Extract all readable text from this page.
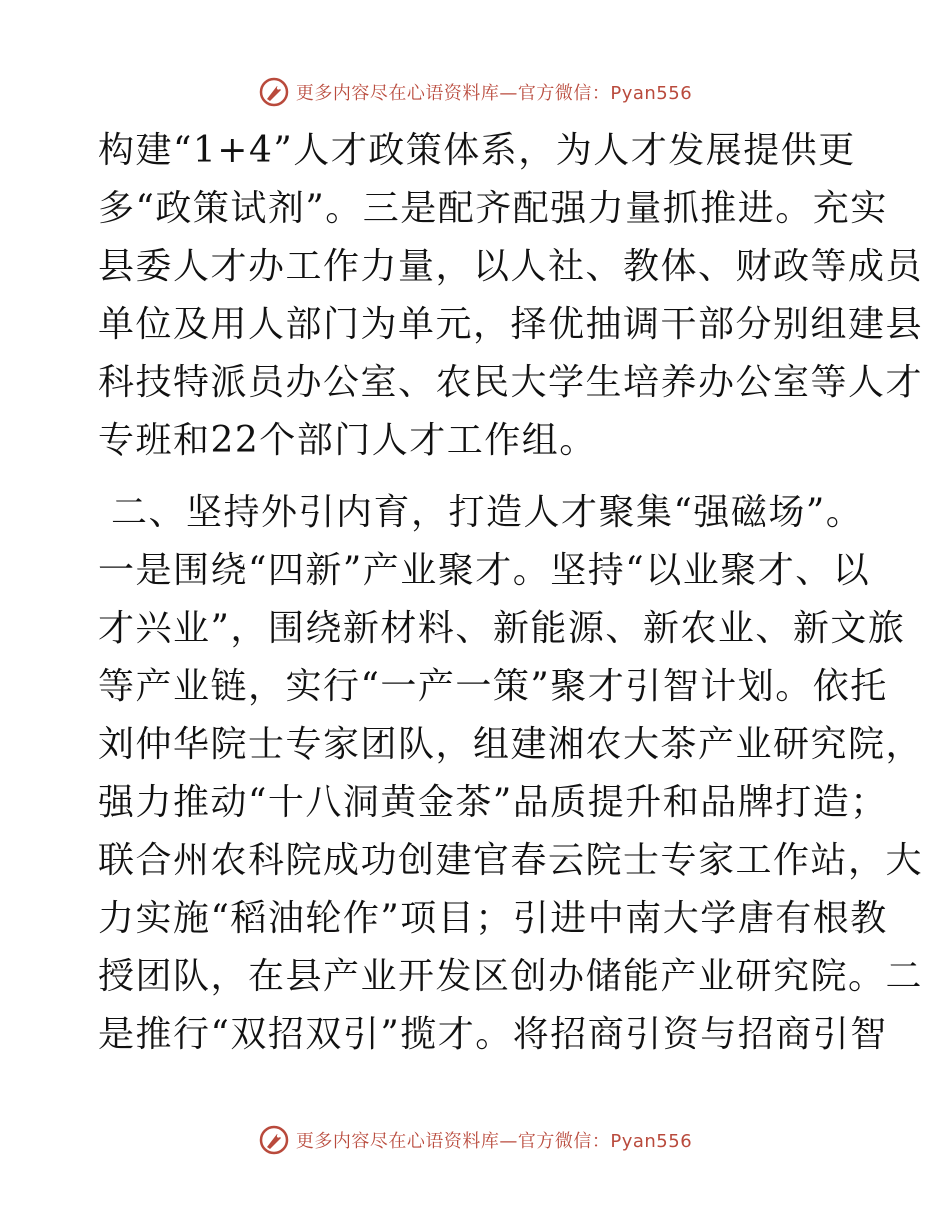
更多内容尽在心语资料库—官方微信：Pyan556
构建“1+4”人才政策体系，为人才发展提供更
多“政策试剂”。三是配齐配强力量抓推进。充实
县委人才办工作力量，以人社、教体、财政等成员
单位及用人部门为单元，择优抽调干部分别组建县
科技特派员办公室、农民大学生培养办公室等人才
专班和22个部门人才工作组。
二、坚持外引内育，打造人才聚集“强磁场”。
一是围绕“四新”产业聚才。坚持“以业聚才、以
才兴业”，围绕新材料、新能源、新农业、新文旅
等产业链，实行“一产一策”聚才引智计划。依托
刘仲华院士专家团队，组建湘农大茶产业研究院，
强力推动“十八洞黄金茶”品质提升和品牌打造；
联合州农科院成功创建官春云院士专家工作站，大
力实施“稻油轮作”项目；引进中南大学唐有根教
授团队，在县产业开发区创办储能产业研究院。二
是推行“双招双引”揽才。将招商引资与招商引智
更多内容尽在心语资料库—官方微信：Pyan556
